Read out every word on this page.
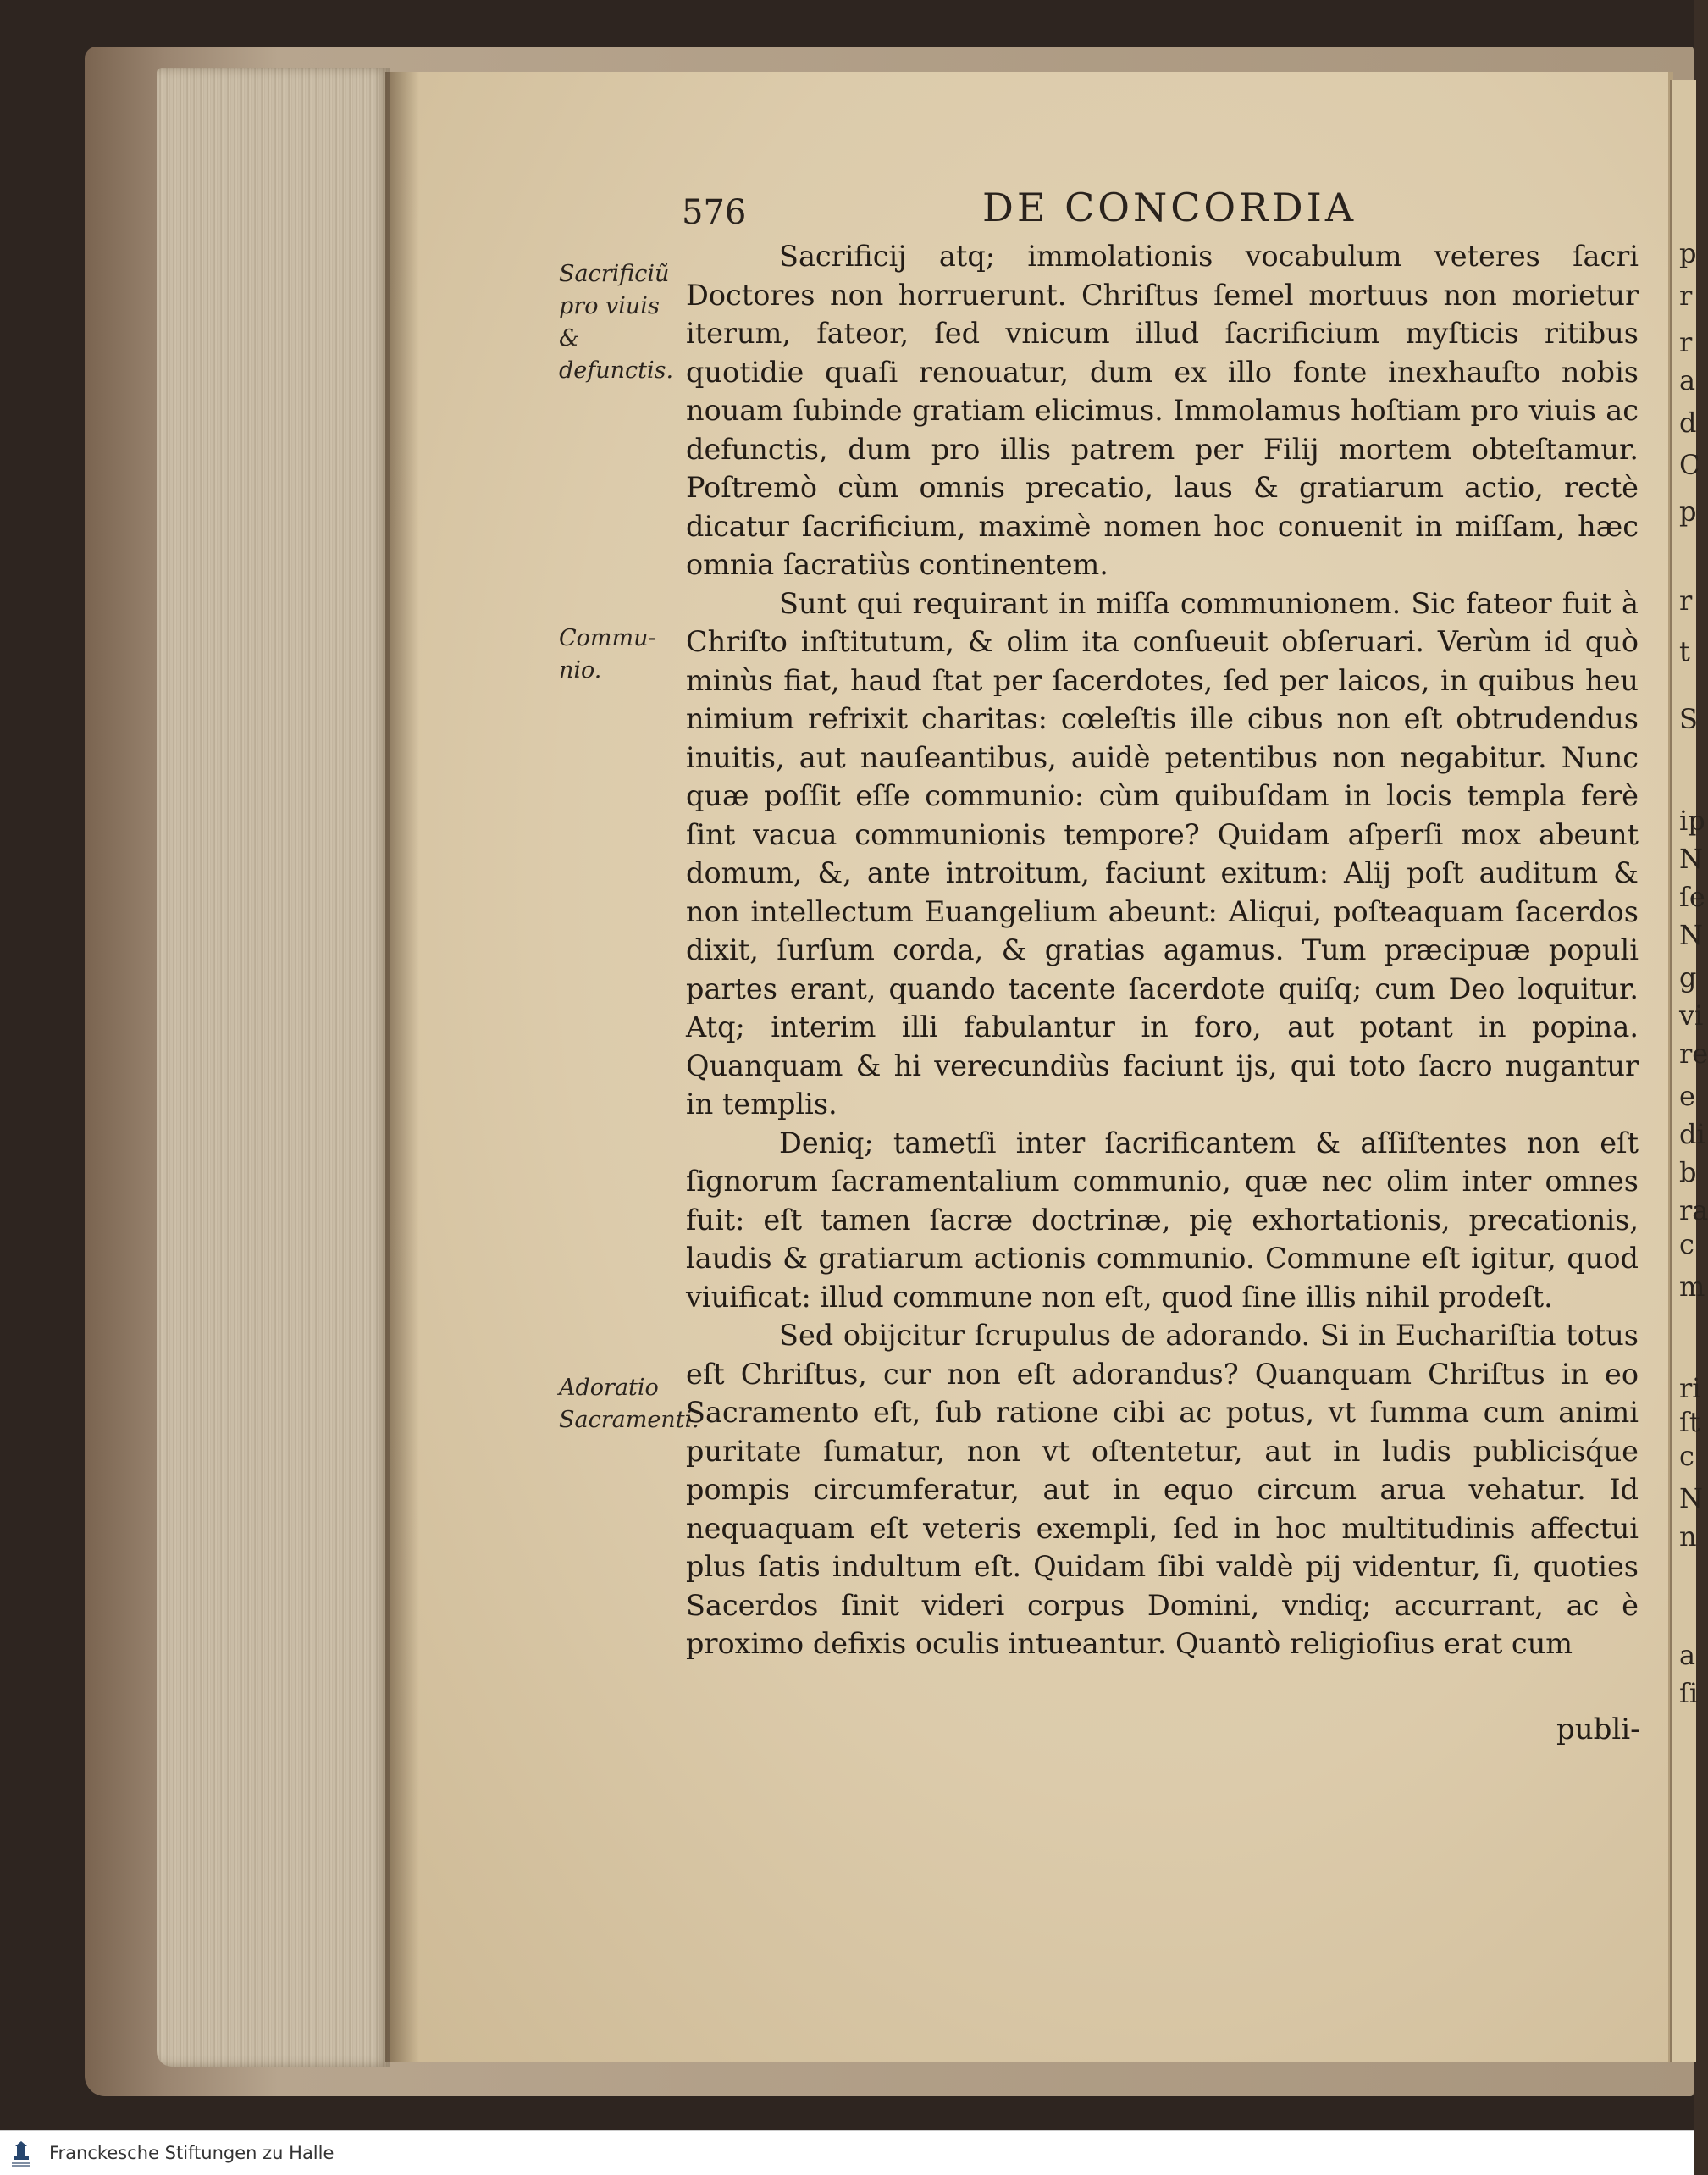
p
r
r
a
d
C
p
r
t
S
ip
N
ſe
N
g
vi
re
e
di
b
ra
c
m
ri
ſt
c
N
n
a
ſi
576	DE CONCORDIA
Sacrificiũ pro viuis & defunctis.
Commu-nio.
Adoratio Sacramenti.

Sacrificij atq; immolationis vocabulum veteres ſacri Doctores non horruerunt. Chriſtus ſemel mortuus non morietur iterum, fateor, ſed vnicum illud ſacrificium myſticis ritibus quotidie quaſi renouatur, dum ex illo fonte inexhauſto nobis nouam ſubinde gratiam elicimus. Immolamus hoſtiam pro viuis ac defunctis, dum pro illis patrem per Filij mortem obteſtamur. Poſtremò cùm omnis precatio, laus & gratiarum actio, rectè dicatur ſacrificium, maximè nomen hoc conuenit in miſſam, hæc omnia ſacratiùs continentem.

Sunt qui requirant in miſſa communionem. Sic fateor fuit à Chriſto inſtitutum, & olim ita conſueuit obſeruari. Verùm id quò minùs fiat, haud ſtat per ſacerdotes, ſed per laicos, in quibus heu nimium refrixit charitas: cœleſtis ille cibus non eſt obtrudendus inuitis, aut nauſeantibus, auidè petentibus non negabitur. Nunc quæ poſſit eſſe communio: cùm quibuſdam in locis templa ferè ſint vacua communionis tempore? Quidam aſperſi mox abeunt domum, &, ante introitum, faciunt exitum: Alij poſt auditum & non intellectum Euangelium abeunt: Aliqui, poſteaquam ſacerdos dixit, ſurſum corda, & gratias agamus. Tum præcipuæ populi partes erant, quando tacente ſacerdote quiſq; cum Deo loquitur. Atq; interim illi fabulantur in foro, aut potant in popina. Quanquam & hi verecundiùs faciunt ijs, qui toto ſacro nugantur in templis.

Deniq; tametſi inter ſacrificantem & aſſiſtentes non eſt ſignorum ſacramentalium communio, quæ nec olim inter omnes fuit: eſt tamen ſacræ doctrinæ, pię exhortationis, precationis, laudis & gratiarum actionis communio. Commune eſt igitur, quod viuificat: illud commune non eſt, quod ſine illis nihil prodeſt.

Sed obijcitur ſcrupulus de adorando. Si in Euchariſtia totus eſt Chriſtus, cur non eſt adorandus? Quanquam Chriſtus in eo Sacramento eſt, ſub ratione cibi ac potus, vt ſumma cum animi puritate ſumatur, non vt oſtentetur, aut in ludis publicisq́ue pompis circumferatur, aut in equo circum arua vehatur. Id nequaquam eſt veteris exempli, ſed in hoc multitudinis affectui plus ſatis indultum eſt. Quidam ſibi valdè pij videntur, ſi, quoties Sacerdos ſinit videri corpus Domini, vndiq; accurrant, ac è proximo defixis oculis intueantur. Quantò religioſius erat cum

publi-
Franckesche Stiftungen zu Halle
